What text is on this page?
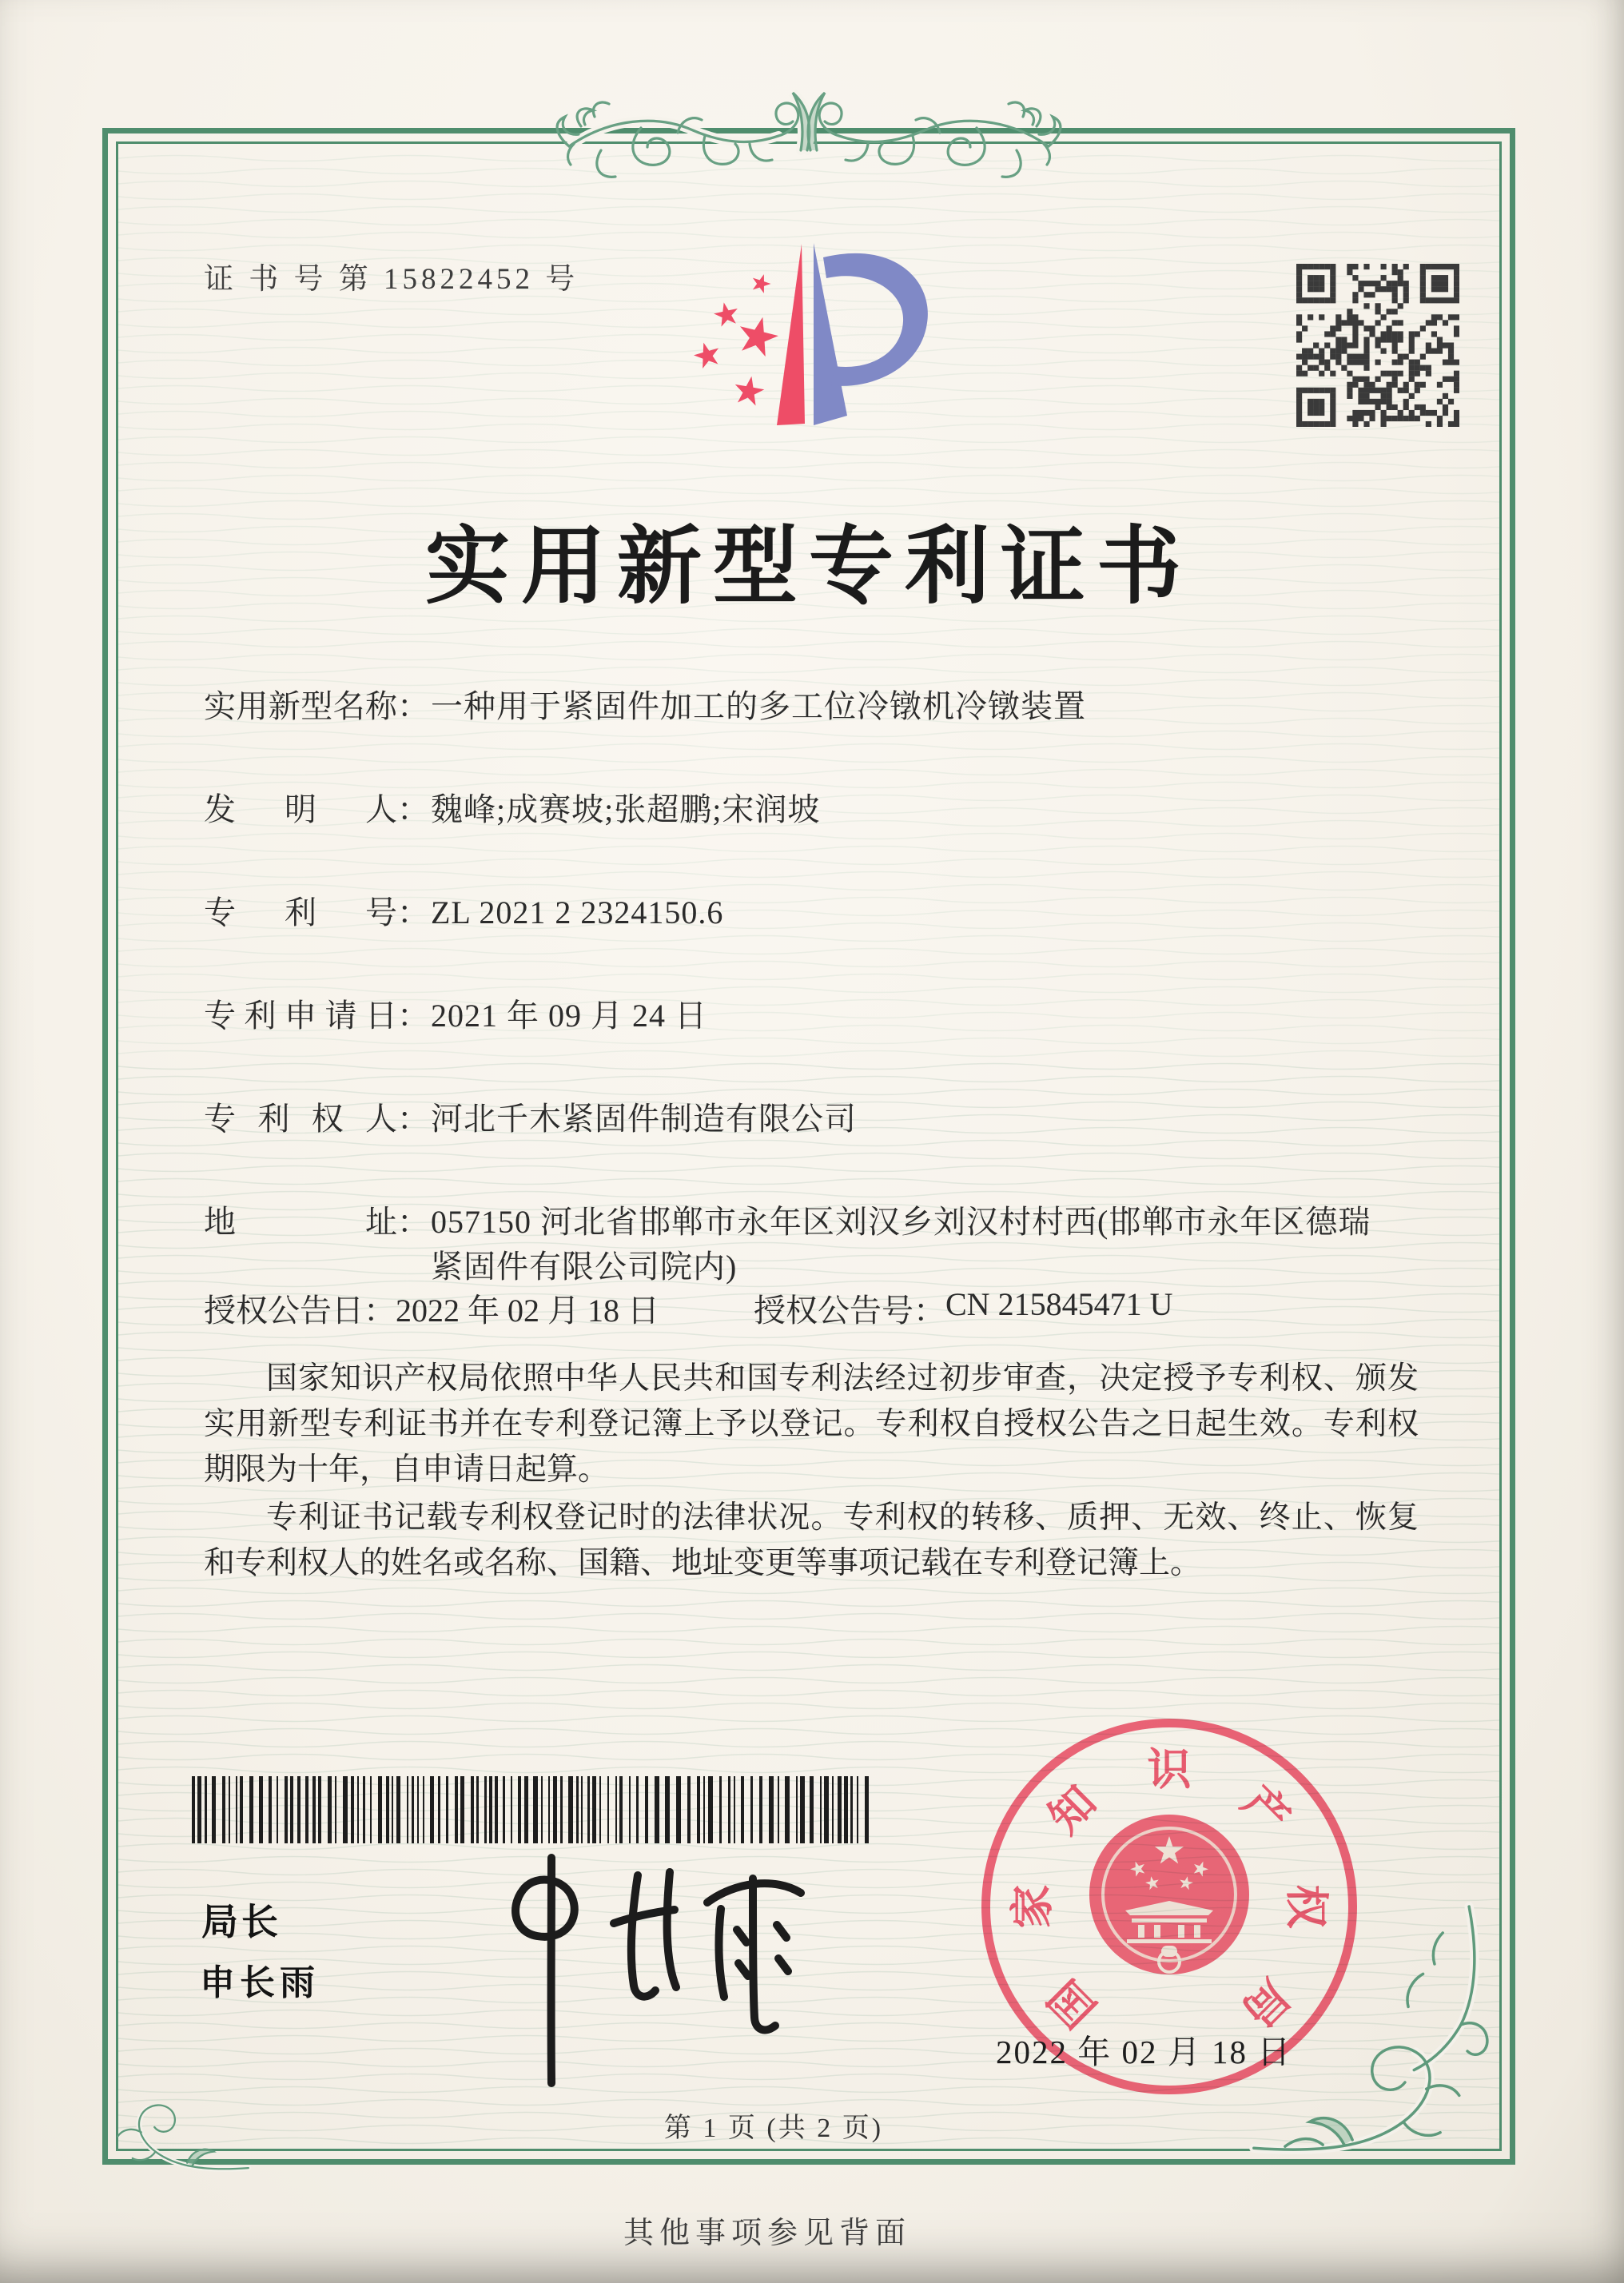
证 书 号 第 15822452 号
实用新型专利证书
实用新型名称 ： 一种用于紧固件加工的多工位冷镦机冷镦装置
发明人 ： 魏峰;成赛坡;张超鹏;宋润坡
专利号 ： ZL 2021 2 2324150.6
专利申请日 ： 2021 年 09 月 24 日
专利权人 ： 河北千木紧固件制造有限公司
地址 ： 057150 河北省邯郸市永年区刘汉乡刘汉村村西(邯郸市永年区德瑞紧固件有限公司院内)
授权公告日 ： 2022 年 02 月 18 日	授权公告号 ： CN 215845471 U

国家知识产权局依照中华人民共和国专利法经过初步审查，决定授予专利权、颁发实用新型专利证书并在专利登记簿上予以登记。专利权自授权公告之日起生效。专利权期限为十年，自申请日起算。

专利证书记载专利权登记时的法律状况。专利权的转移、质押、无效、终止、恢复和专利权人的姓名或名称、国籍、地址变更等事项记载在专利登记簿上。

局长
申长雨	国
家
知
识
产
权
局
2022 年 02 月 18 日
第 1 页 (共 2 页)
其他事项参见背面
